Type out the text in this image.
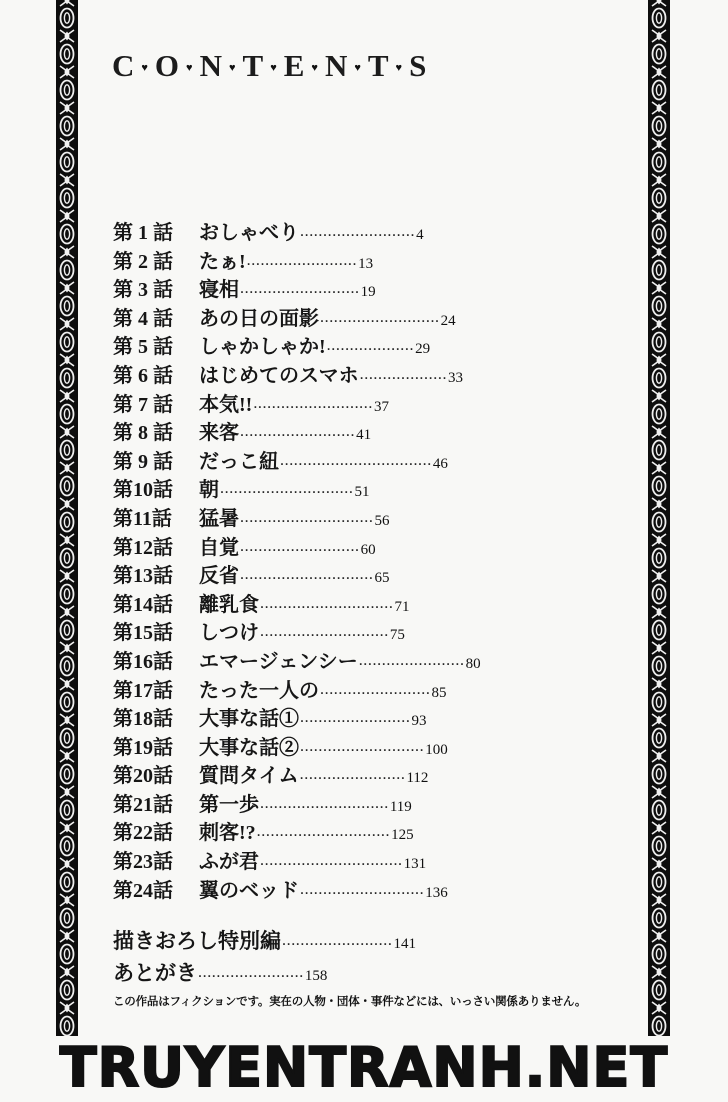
C ♥ O ♥ N ♥ T ♥ E ♥ N ♥ T ♥ S
第 1 話	おしゃべり ························· 4
第 2 話	たぁ! ························ 13
第 3 話	寝相 ·························· 19
第 4 話	あの日の面影 ·························· 24
第 5 話	しゃかしゃか! ··················· 29
第 6 話	はじめてのスマホ ··················· 33
第 7 話	本気!! ·························· 37
第 8 話	来客 ························· 41
第 9 話	だっこ紐 ································· 46
第10話	朝 ····························· 51
第11話	猛暑 ····························· 56
第12話	自覚 ·························· 60
第13話	反省 ····························· 65
第14話	離乳食 ····························· 71
第15話	しつけ ···························· 75
第16話	エマージェンシー ······················· 80
第17話	たった一人の ························ 85
第18話	大事な話① ························ 93
第19話	大事な話② ··························· 100
第20話	質問タイム ······················· 112
第21話	第一歩 ···························· 119
第22話	刺客!? ····························· 125
第23話	ふが君 ······························· 131
第24話	翼のベッド ··························· 136
描きおろし特別編 ························ 141
あとがき ······················· 158
この作品はフィクションです。実在の人物・団体・事件などには、いっさい関係ありません。
TRUYENTRANH.NET
